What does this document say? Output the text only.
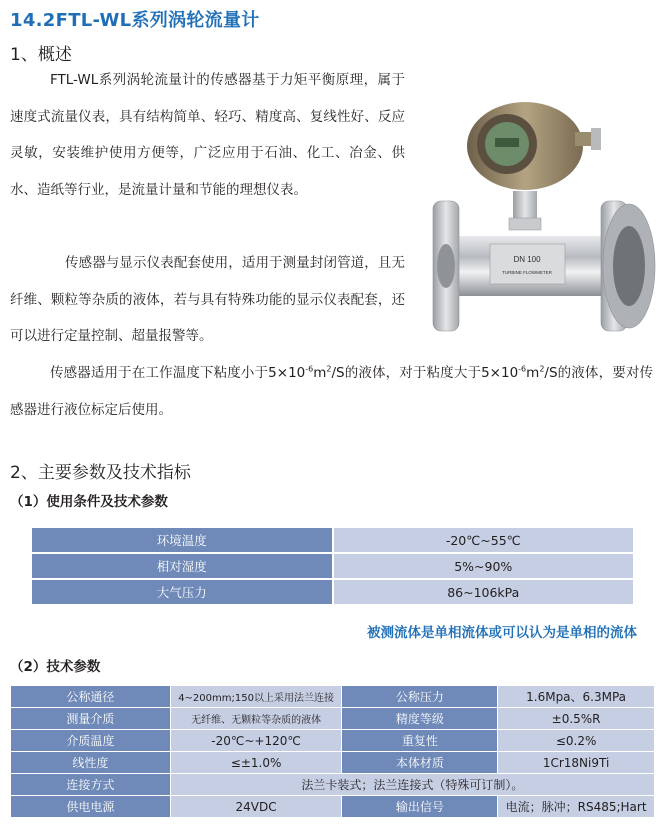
14.2FTL-WL系列涡轮流量计
1、概述

FTL-WL系列涡轮流量计的传感器基于力矩平衡原理，属于速度式流量仪表，具有结构简单、轻巧、精度高、复线性好、反应灵敏，安装维护使用方便等，广泛应用于石油、化工、冶金、供水、造纸等行业，是流量计量和节能的理想仪表。

传感器与显示仪表配套使用，适用于测量封闭管道，且无纤维、颗粒等杂质的液体，若与具有特殊功能的显示仪表配套，还可以进行定量控制、超量报警等。

传感器适用于在工作温度下粘度小于$5\times 10^{-6}m^2/S$的液体，对于粘度大于$5\times 10^{-6}m^2/S$的液体，要对传感器进行液位标定后使用。

DN 100
TURBINE FLOWMETER
2、主要参数及技术指标
（1）使用条件及技术参数
环境温度	-20℃~55℃
相对湿度	5%~90%
大气压力	86~106kPa
被测流体是单相流体或可以认为是单相的流体
（2）技术参数
公称通径	4~200mm;150以上采用法兰连接	公称压力	1.6Mpa、6.3MPa
测量介质	无纤维、无颗粒等杂质的液体	精度等级	±0.5%R
介质温度	-20℃~+120℃	重复性	≤0.2%
线性度	≤±1.0%	本体材质	1Cr18Ni9Ti
连接方式	法兰卡装式；法兰连接式（特殊可订制）。		
供电电源	24VDC	输出信号	电流；脉冲；RS485;Hart
